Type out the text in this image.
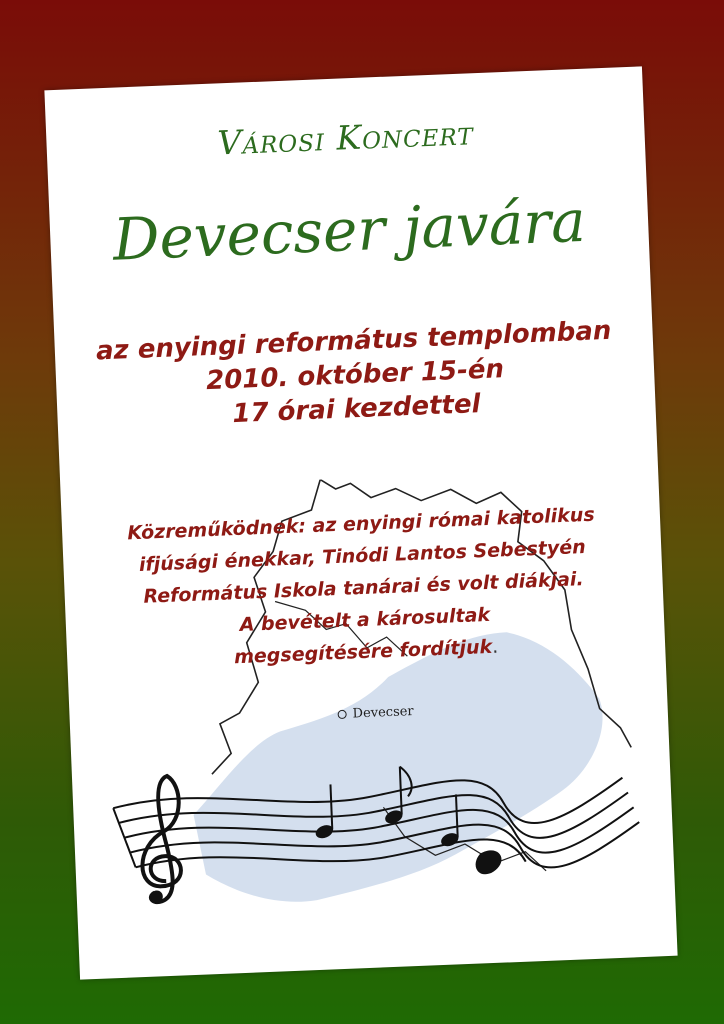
Városi Koncert
Devecser javára
az enyingi református templomban
2010. október 15-én
17 órai kezdettel
Közreműködnek: az enyingi római katolikus
ifjúsági énekkar, Tinódi Lantos Sebestyén
Református Iskola tanárai és volt diákjai.
A bevételt a károsultak
megsegítésére fordítjuk.
Devecser
